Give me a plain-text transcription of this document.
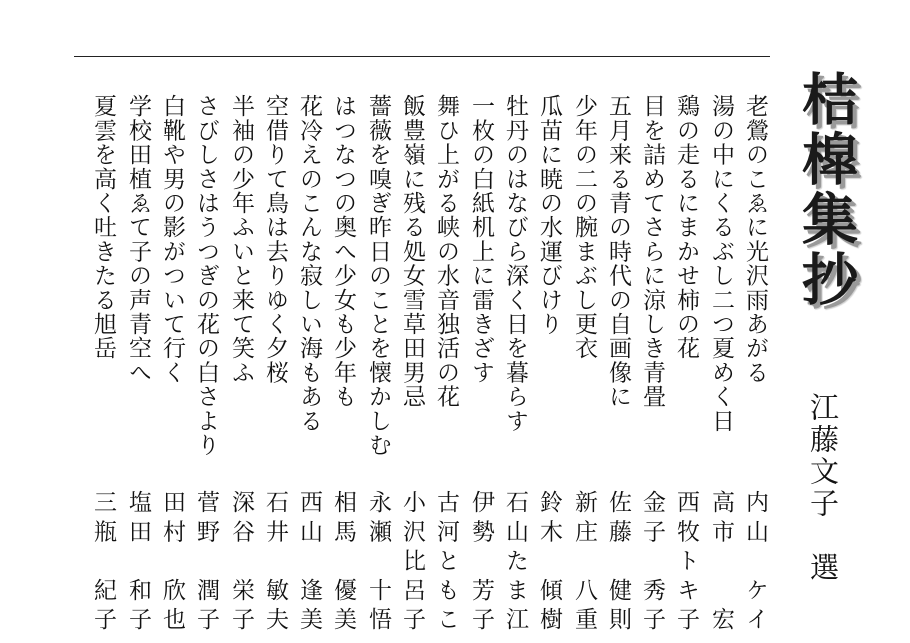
桔槹集抄
江藤文子　選
老鶯のこゑに光沢雨あがる
内山　ケイ
湯の中にくるぶし二つ夏めく日
高市　　宏
鶏の走るにまかせ柿の花
西牧トキ子
目を詰めてさらに涼しき青畳
金子　秀子
五月来る青の時代の自画像に
佐藤　健則
少年の二の腕まぶし更衣
新庄　八重
瓜苗に暁の水運びけり
鈴木　傾樹
牡丹のはなびら深く日を暮らす
石山たま江
一枚の白紙机上に雷きざす
伊勢　芳子
舞ひ上がる峡の水音独活の花
古河ともこ
飯豊嶺に残る処女雪草田男忌
小沢比呂子
薔薇を嗅ぎ昨日のことを懐かしむ
永瀬　十悟
はつなつの奥へ少女も少年も
相馬　優美
花冷えのこんな寂しい海もある
西山　逢美
空借りて鳥は去りゆく夕桜
石井　敏夫
半袖の少年ふいと来て笑ふ
深谷　栄子
さびしさはうつぎの花の白さより
菅野　潤子
白靴や男の影がついて行く
田村　欣也
学校田植ゑて子の声青空へ
塩田　和子
夏雲を高く吐きたる旭岳
三瓶　紀子
